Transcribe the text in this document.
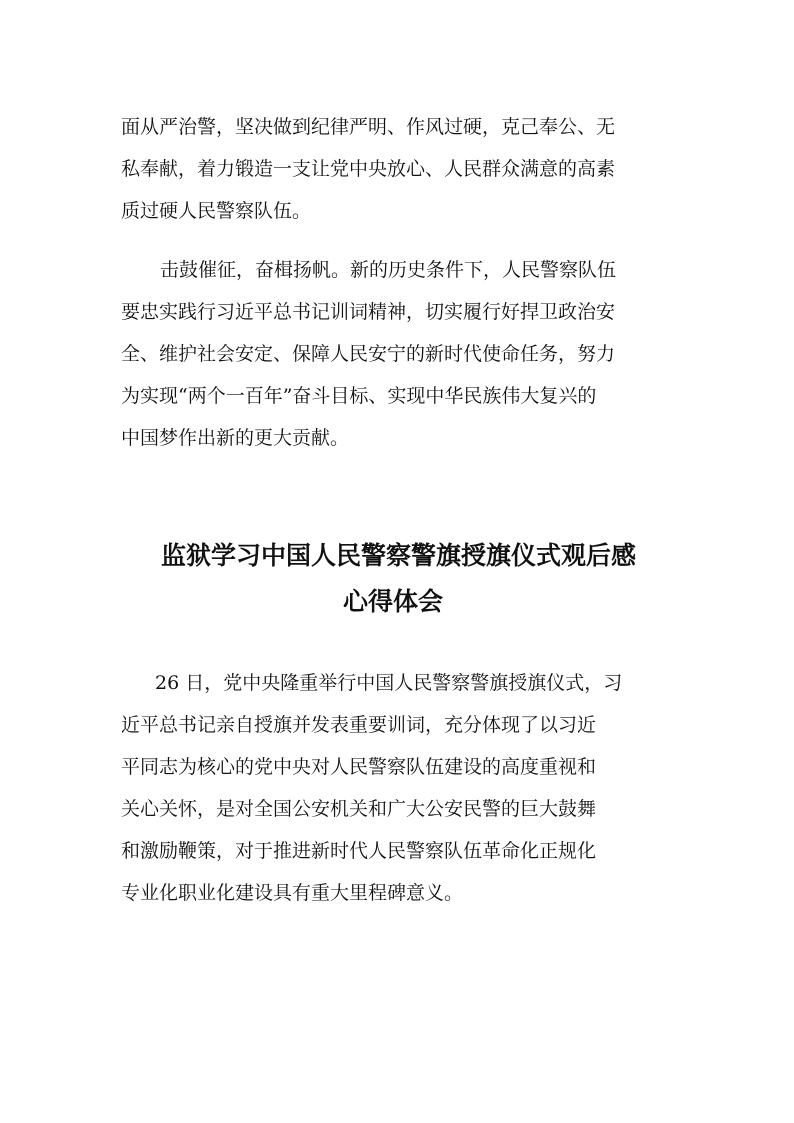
面从严治警，坚决做到纪律严明、作风过硬，克己奉公、无

私奉献，着力锻造一支让党中央放心、人民群众满意的高素

质过硬人民警察队伍。

击鼓催征，奋楫扬帆。新的历史条件下，人民警察队伍

要忠实践行习近平总书记训词精神，切实履行好捍卫政治安

全、维护社会安定、保障人民安宁的新时代使命任务，努力

为实现“两个一百年”奋斗目标、实现中华民族伟大复兴的

中国梦作出新的更大贡献。

监狱学习中国人民警察警旗授旗仪式观后感
心得体会

26 日，党中央隆重举行中国人民警察警旗授旗仪式，习

近平总书记亲自授旗并发表重要训词，充分体现了以习近

平同志为核心的党中央对人民警察队伍建设的高度重视和

关心关怀，是对全国公安机关和广大公安民警的巨大鼓舞

和激励鞭策，对于推进新时代人民警察队伍革命化正规化

专业化职业化建设具有重大里程碑意义。
